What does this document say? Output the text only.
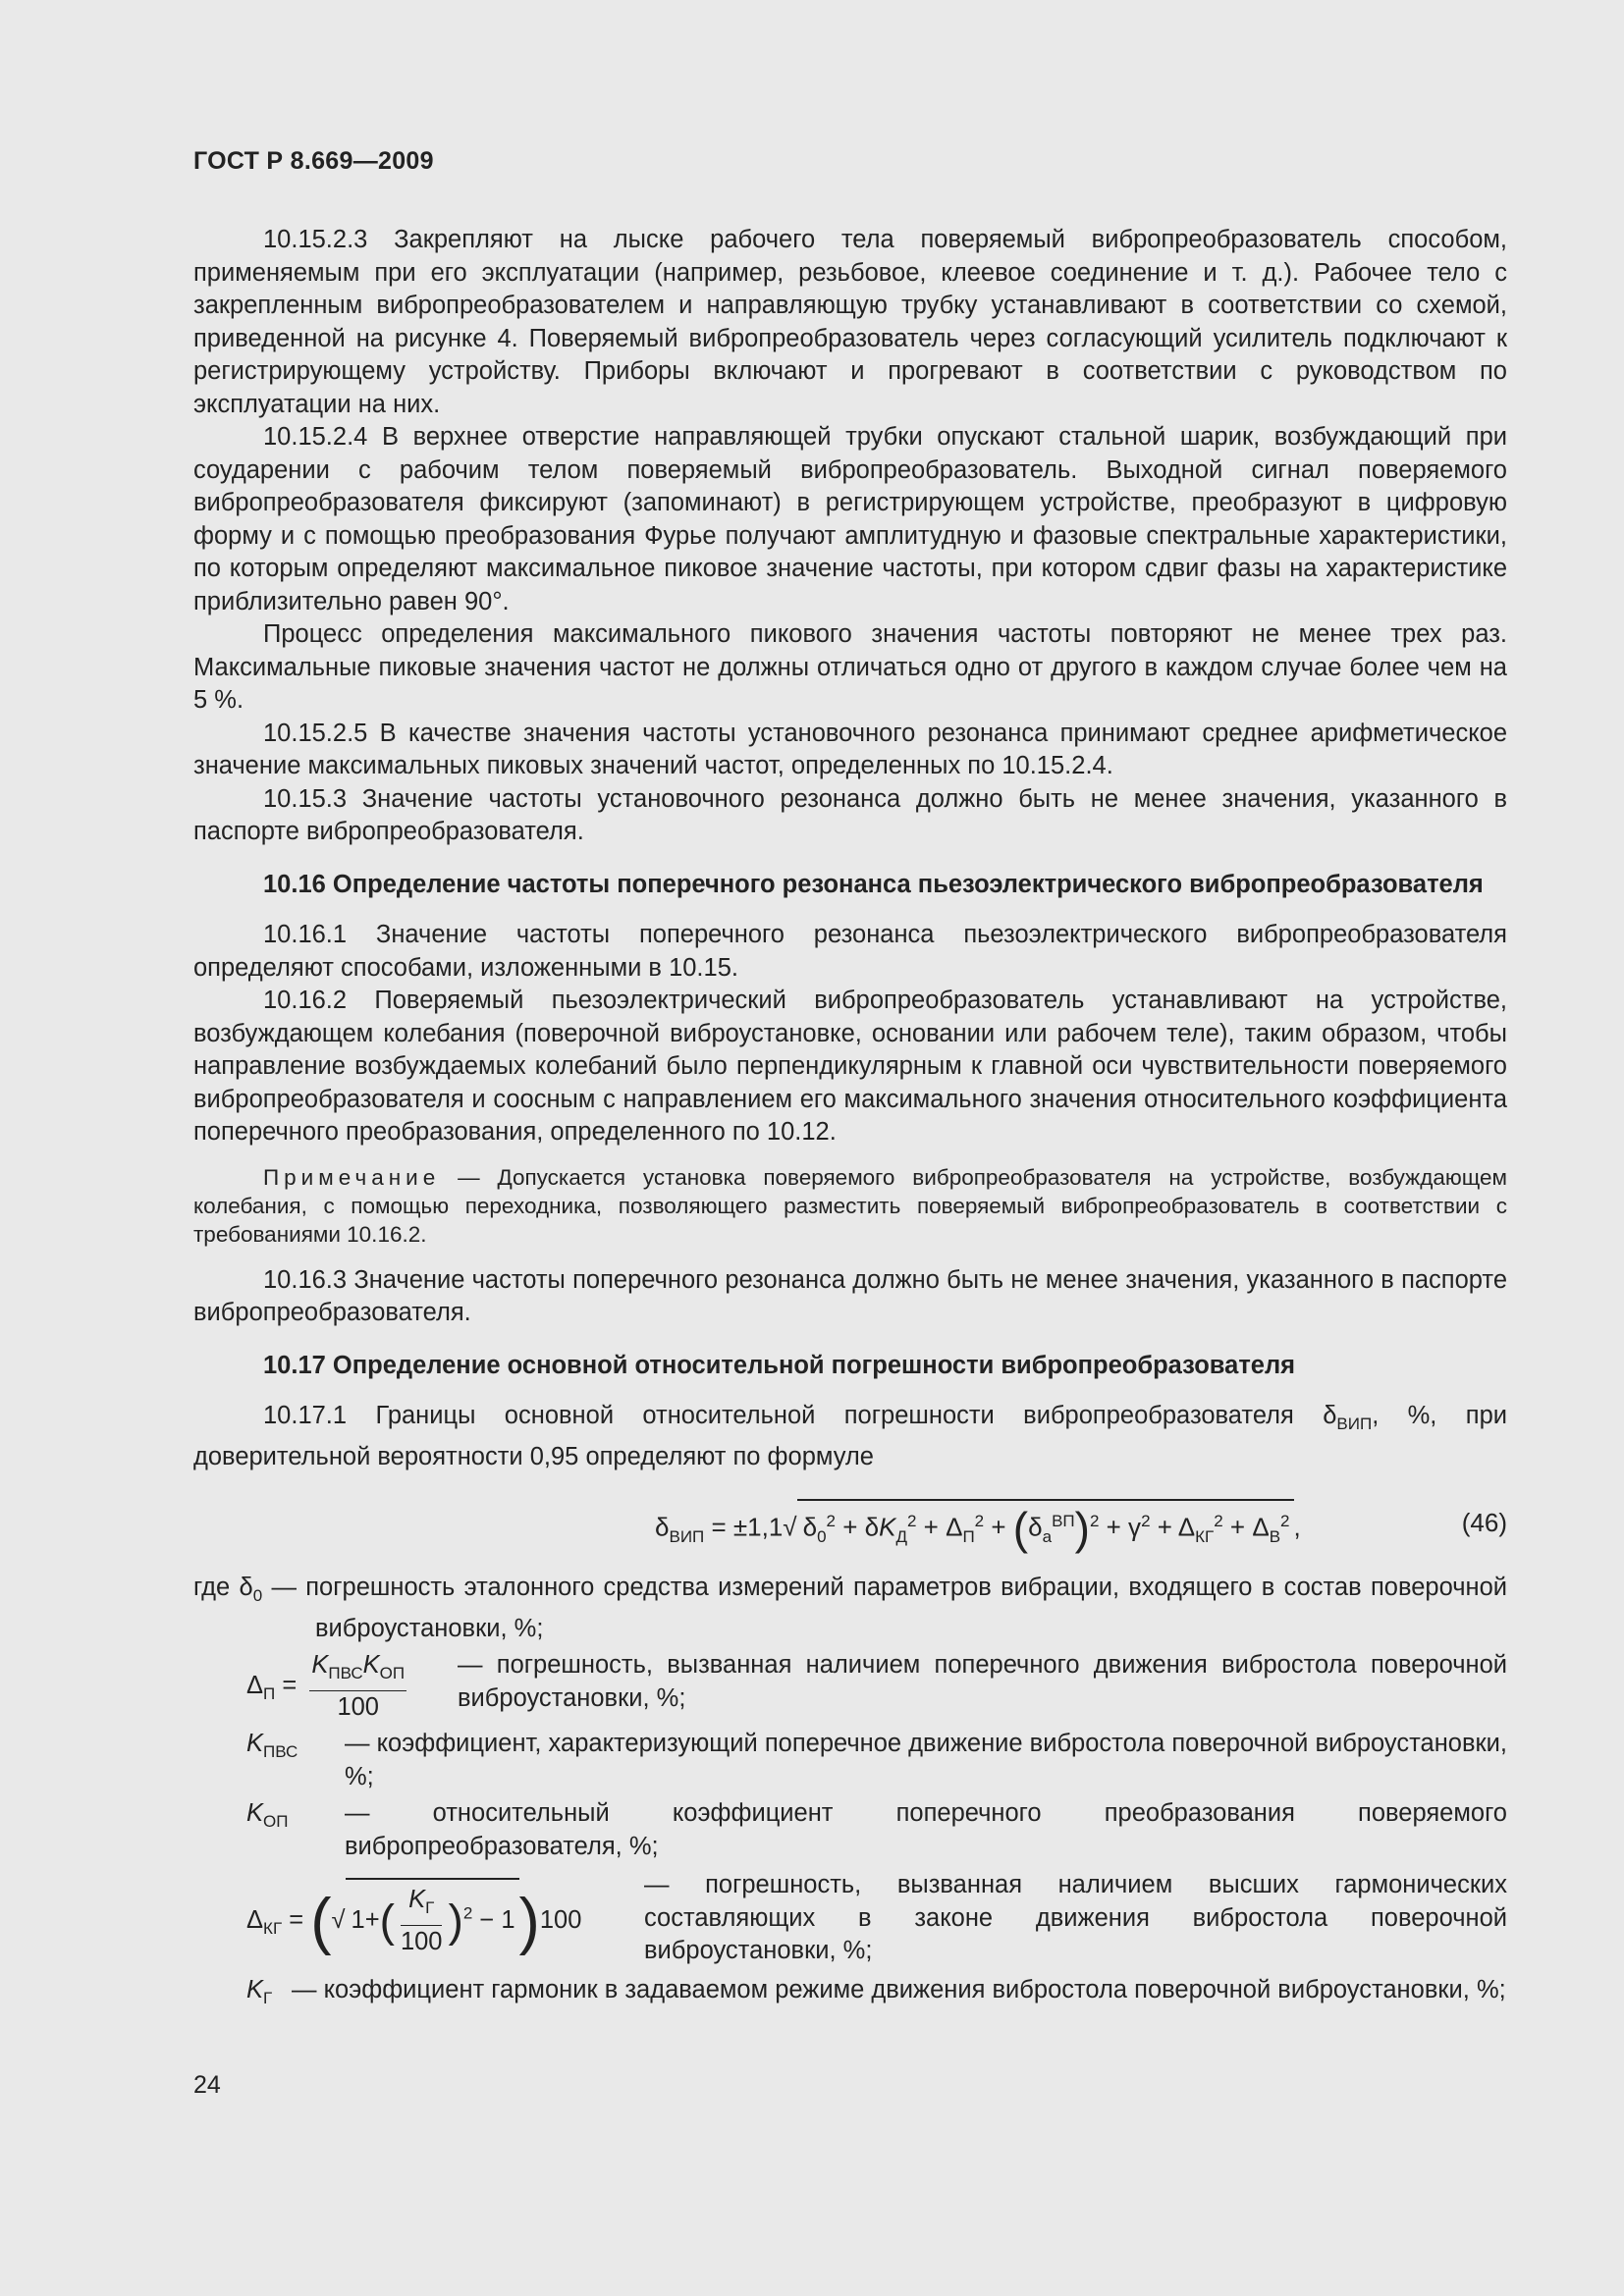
ГОСТ Р 8.669—2009

10.15.2.3 Закрепляют на лыске рабочего тела поверяемый вибропреобразователь способом, применяемым при его эксплуатации (например, резьбовое, клеевое соединение и т. д.). Рабочее тело с закрепленным вибропреобразователем и направляющую трубку устанавливают в соответствии со схемой, приведенной на рисунке 4. Поверяемый вибропреобразователь через согласующий усилитель подключают к регистрирующему устройству. Приборы включают и прогревают в соответствии с руководством по эксплуатации на них.

10.15.2.4 В верхнее отверстие направляющей трубки опускают стальной шарик, возбуждающий при соударении с рабочим телом поверяемый вибропреобразователь. Выходной сигнал поверяемого вибропреобразователя фиксируют (запоминают) в регистрирующем устройстве, преобразуют в цифровую форму и с помощью преобразования Фурье получают амплитудную и фазовые спектральные характеристики, по которым определяют максимальное пиковое значение частоты, при котором сдвиг фазы на характеристике приблизительно равен 90°.

Процесс определения максимального пикового значения частоты повторяют не менее трех раз. Максимальные пиковые значения частот не должны отличаться одно от другого в каждом случае более чем на 5 %.

10.15.2.5 В качестве значения частоты установочного резонанса принимают среднее арифметическое значение максимальных пиковых значений частот, определенных по 10.15.2.4.

10.15.3 Значение частоты установочного резонанса должно быть не менее значения, указанного в паспорте вибропреобразователя.

10.16 Определение частоты поперечного резонанса пьезоэлектрического вибропреобразователя

10.16.1 Значение частоты поперечного резонанса пьезоэлектрического вибропреобразователя определяют способами, изложенными в 10.15.

10.16.2 Поверяемый пьезоэлектрический вибропреобразователь устанавливают на устройстве, возбуждающем колебания (поверочной виброустановке, основании или рабочем теле), таким образом, чтобы направление возбуждаемых колебаний было перпендикулярным к главной оси чувствительности поверяемого вибропреобразователя и соосным с направлением его максимального значения относительного коэффициента поперечного преобразования, определенного по 10.12.

Примечание — Допускается установка поверяемого вибропреобразователя на устройстве, возбуждающем колебания, с помощью переходника, позволяющего разместить поверяемый вибропреобразователь в соответствии с требованиями 10.16.2.

10.16.3 Значение частоты поперечного резонанса должно быть не менее значения, указанного в паспорте вибропреобразователя.

10.17 Определение основной относительной погрешности вибропреобразователя

10.17.1 Границы основной относительной погрешности вибропреобразователя $\delta_{ВИП}$, %, при доверительной вероятности 0,95 определяют по формуле

$\delta_{ВИП} = \pm 1,1√$ $\delta_0^2 + \delta K_Д^2 + \Delta_П^2 + (\delta_а^{ВП})^2 + \gamma^2 + \Delta_{КГ}^2 + \Delta_В^2$ ,	(46)
где $\delta_0$ — погрешность эталонного средства измерений параметров вибрации, входящего в состав поверочной виброустановки, %;
$\Delta_П = \frac{K_{ПВС}K_{ОП}}{100}$ — погрешность, вызванная наличием поперечного движения вибростола поверочной виброустановки, %;
$K_{ПВС}$	— коэффициент, характеризующий поперечное движение вибростола поверочной виброустановки, %;
$K_{ОП}$	— относительный коэффициент поперечного преобразования поверяемого вибропреобразователя, %;
$\Delta_{КГ}$ = (√ $1+( \frac{K_Г}{100} )^2 - 1)100$
— погрешность, вызванная наличием высших гармонических составляющих в законе движения вибростола поверочной виброустановки, %;
$K_Г$ — коэффициент гармоник в задаваемом режиме движения вибростола поверочной виброустановки, %;
24
